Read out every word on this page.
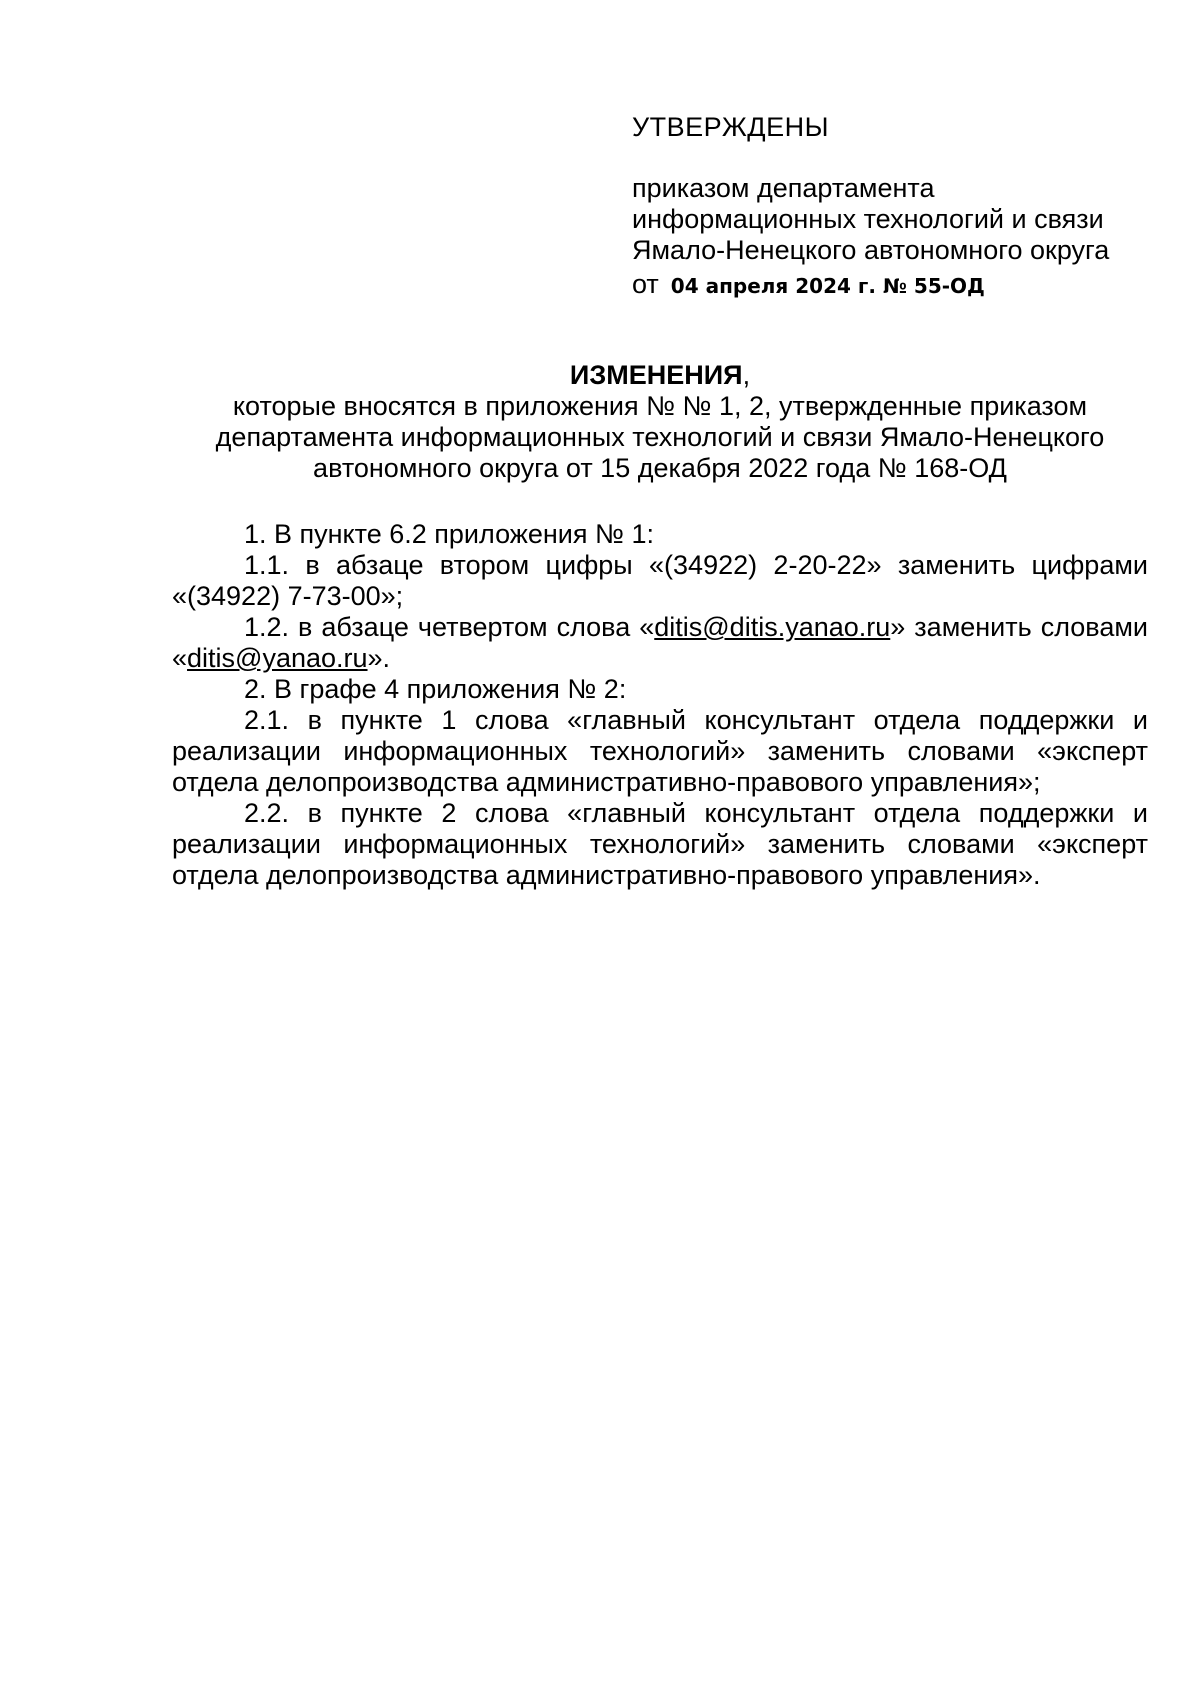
УТВЕРЖДЕНЫ
приказом департамента
информационных технологий и связи
Ямало-Ненецкого автономного округа
от 04 апреля 2024 г. № 55-ОД
ИЗМЕНЕНИЯ,
которые вносятся в приложения № № 1, 2, утвержденные приказом
департамента информационных технологий и связи Ямало-Ненецкого
автономного округа от 15 декабря 2022 года № 168-ОД

1. В пункте 6.2 приложения № 1:

1.1. в абзаце втором цифры «(34922) 2-20-22» заменить цифрами «(34922) 7-73-00»;

1.2. в абзаце четвертом слова «ditis@ditis.yanao.ru» заменить словами «ditis@yanao.ru».

2. В графе 4 приложения № 2:

2.1. в пункте 1 слова «главный консультант отдела поддержки и реализации информационных технологий» заменить словами «эксперт отдела делопроизводства административно-правового управления»;

2.2. в пункте 2 слова «главный консультант отдела поддержки и реализации информационных технологий» заменить словами «эксперт отдела делопроизводства административно-правового управления».
